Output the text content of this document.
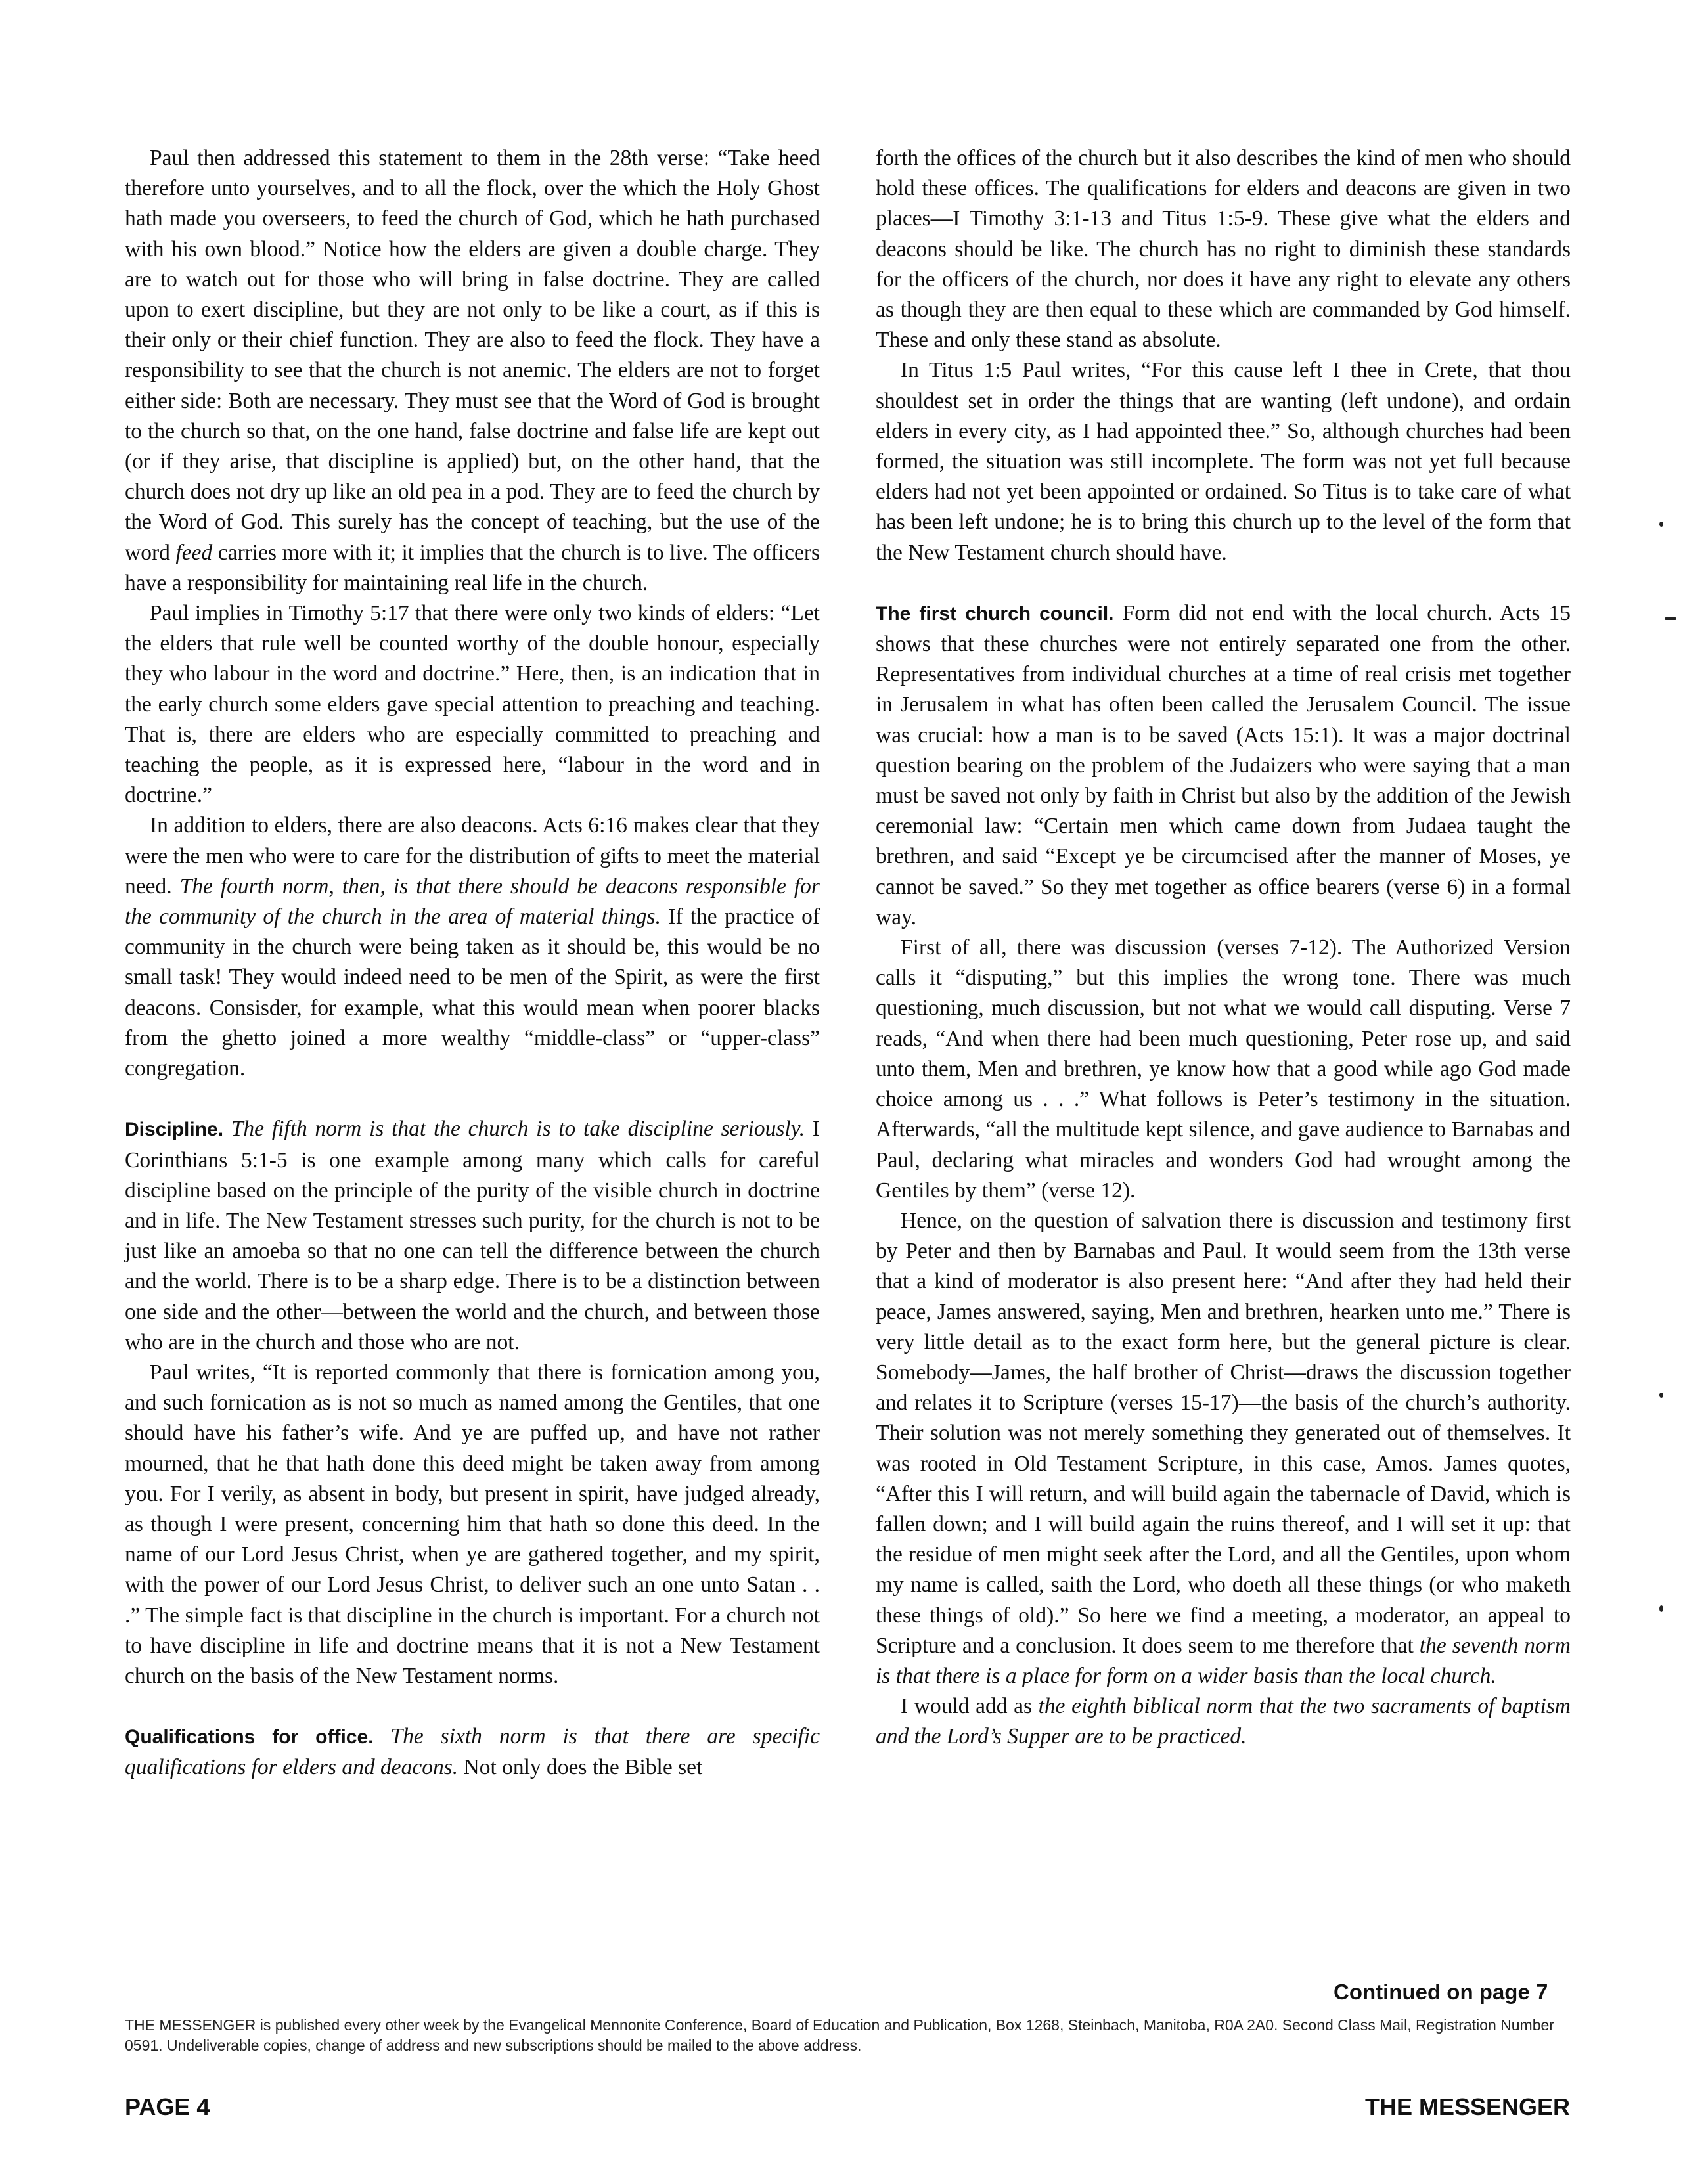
Paul then addressed this statement to them in the 28th verse: “Take heed therefore unto yourselves, and to all the flock, over the which the Holy Ghost hath made you overseers, to feed the church of God, which he hath purchased with his own blood.” Notice how the elders are given a double charge. They are to watch out for those who will bring in false doctrine. They are called upon to exert discipline, but they are not only to be like a court, as if this is their only or their chief function. They are also to feed the flock. They have a responsibility to see that the church is not anemic. The elders are not to forget either side: Both are necessary. They must see that the Word of God is brought to the church so that, on the one hand, false doctrine and false life are kept out (or if they arise, that discipline is applied) but, on the other hand, that the church does not dry up like an old pea in a pod. They are to feed the church by the Word of God. This surely has the concept of teaching, but the use of the word feed carries more with it; it implies that the church is to live. The officers have a responsibility for maintaining real life in the church.

Paul implies in Timothy 5:17 that there were only two kinds of elders: “Let the elders that rule well be counted worthy of the double honour, especially they who labour in the word and doctrine.” Here, then, is an indication that in the early church some elders gave special attention to preaching and teaching. That is, there are elders who are especially committed to preaching and teaching the people, as it is expressed here, “labour in the word and in doctrine.”

In addition to elders, there are also deacons. Acts 6:16 makes clear that they were the men who were to care for the distribution of gifts to meet the material need. The fourth norm, then, is that there should be deacons responsible for the community of the church in the area of material things. If the practice of community in the church were being taken as it should be, this would be no small task! They would indeed need to be men of the Spirit, as were the first deacons. Consisder, for example, what this would mean when poorer blacks from the ghetto joined a more wealthy “middle-class” or “upper-class” congregation.

Discipline. The fifth norm is that the church is to take discipline seriously. I Corinthians 5:1-5 is one example among many which calls for careful discipline based on the principle of the purity of the visible church in doctrine and in life. The New Testament stresses such purity, for the church is not to be just like an amoeba so that no one can tell the difference between the church and the world. There is to be a sharp edge. There is to be a distinction between one side and the other—between the world and the church, and between those who are in the church and those who are not.

Paul writes, “It is reported commonly that there is fornication among you, and such fornication as is not so much as named among the Gentiles, that one should have his father’s wife. And ye are puffed up, and have not rather mourned, that he that hath done this deed might be taken away from among you. For I verily, as absent in body, but present in spirit, have judged already, as though I were present, concerning him that hath so done this deed. In the name of our Lord Jesus Christ, when ye are gathered together, and my spirit, with the power of our Lord Jesus Christ, to deliver such an one unto Satan . . .” The simple fact is that discipline in the church is important. For a church not to have discipline in life and doctrine means that it is not a New Testament church on the basis of the New Testament norms.

Qualifications for office. The sixth norm is that there are specific qualifications for elders and deacons. Not only does the Bible set

forth the offices of the church but it also describes the kind of men who should hold these offices. The qualifications for elders and deacons are given in two places—I Timothy 3:1-13 and Titus 1:5-9. These give what the elders and deacons should be like. The church has no right to diminish these standards for the officers of the church, nor does it have any right to elevate any others as though they are then equal to these which are commanded by God himself. These and only these stand as absolute.

In Titus 1:5 Paul writes, “For this cause left I thee in Crete, that thou shouldest set in order the things that are wanting (left undone), and ordain elders in every city, as I had appointed thee.” So, although churches had been formed, the situation was still incomplete. The form was not yet full because elders had not yet been appointed or ordained. So Titus is to take care of what has been left undone; he is to bring this church up to the level of the form that the New Testament church should have.

The first church council. Form did not end with the local church. Acts 15 shows that these churches were not entirely separated one from the other. Representatives from individual churches at a time of real crisis met together in Jerusalem in what has often been called the Jerusalem Council. The issue was crucial: how a man is to be saved (Acts 15:1). It was a major doctrinal question bearing on the problem of the Judaizers who were saying that a man must be saved not only by faith in Christ but also by the addition of the Jewish ceremonial law: “Certain men which came down from Judaea taught the brethren, and said “Except ye be circumcised after the manner of Moses, ye cannot be saved.” So they met together as office bearers (verse 6) in a formal way.

First of all, there was discussion (verses 7-12). The Authorized Version calls it “disputing,” but this implies the wrong tone. There was much questioning, much discussion, but not what we would call disputing. Verse 7 reads, “And when there had been much questioning, Peter rose up, and said unto them, Men and brethren, ye know how that a good while ago God made choice among us . . .” What follows is Peter’s testimony in the situation. Afterwards, “all the multitude kept silence, and gave audience to Barnabas and Paul, declaring what miracles and wonders God had wrought among the Gentiles by them” (verse 12).

Hence, on the question of salvation there is discussion and testimony first by Peter and then by Barnabas and Paul. It would seem from the 13th verse that a kind of moderator is also present here: “And after they had held their peace, James answered, saying, Men and brethren, hearken unto me.” There is very little detail as to the exact form here, but the general picture is clear. Somebody—James, the half brother of Christ—draws the discussion together and relates it to Scripture (verses 15-17)—the basis of the church’s authority. Their solution was not merely something they generated out of themselves. It was rooted in Old Testament Scripture, in this case, Amos. James quotes, “After this I will return, and will build again the tabernacle of David, which is fallen down; and I will build again the ruins thereof, and I will set it up: that the residue of men might seek after the Lord, and all the Gentiles, upon whom my name is called, saith the Lord, who doeth all these things (or who maketh these things of old).” So here we find a meeting, a moderator, an appeal to Scripture and a conclusion. It does seem to me therefore that the seventh norm is that there is a place for form on a wider basis than the local church.

I would add as the eighth biblical norm that the two sacraments of baptism and the Lord’s Supper are to be practiced.

Continued on page 7
THE MESSENGER is published every other week by the Evangelical Mennonite Conference, Board of Education and Publication, Box 1268, Steinbach, Manitoba, R0A 2A0. Second Class Mail, Registration Number 0591. Undeliverable copies, change of address and new subscriptions should be mailed to the above address.
PAGE 4	THE MESSENGER
